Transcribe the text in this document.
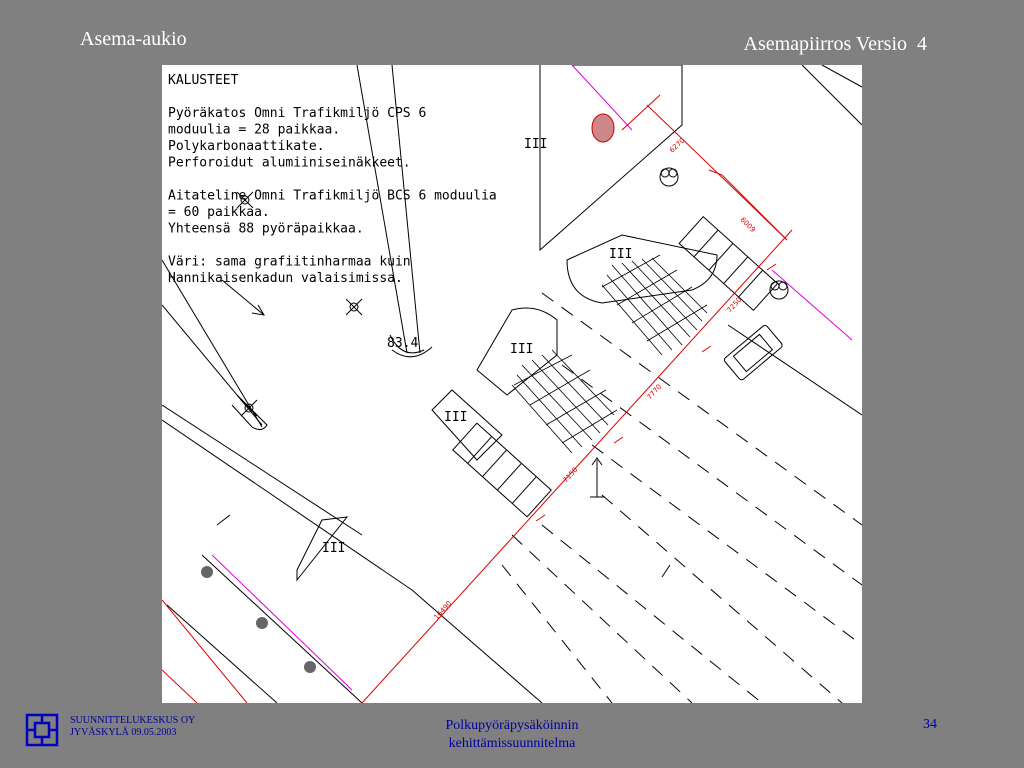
Asema-aukio	Asemapiirros Versio  4
KALUSTEET Pyöräkatos Omni Trafikmiljö CPS 6 moduulia = 28 paikkaa. Polykarbonaattikate. Perforoidut alumiiniseinäkkeet. Aitateline Omni Trafikmiljö BCS 6 moduulia = 60 paikkaa. Yhteensä 88 pyöräpaikkaa. Väri: sama grafiitinharmaa kuin Hannikaisenkadun valaisimissa.
III
III
III
III
III
83.4
6270
6009
7250
7770
7150
16490
SUUNNITTELUKESKUS OY
JYVÄSKYLÄ 09.05.2003	Polkupyöräpysäköinnin
kehittämissuunnitelma
34
